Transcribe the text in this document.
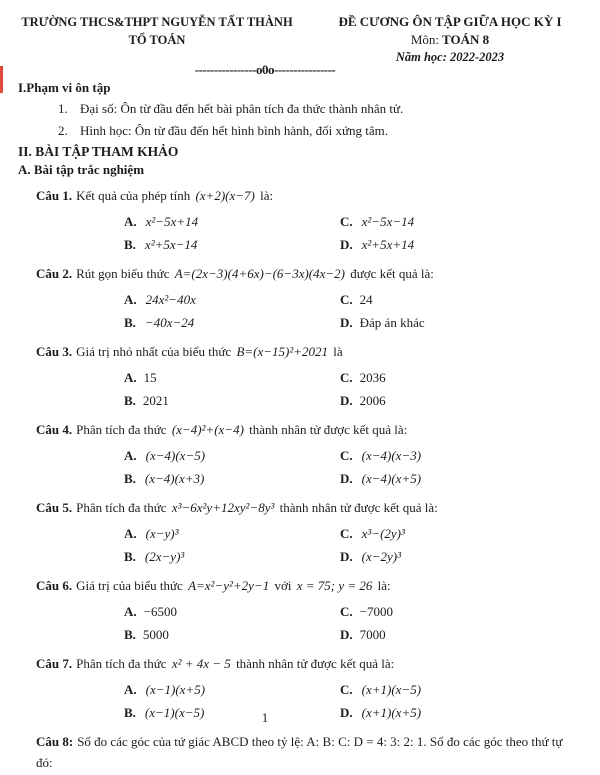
TRƯỜNG THCS&THPT NGUYỄN TẤT THÀNH
TỔ TOÁN
ĐỀ CƯƠNG ÔN TẬP GIỮA HỌC KỲ I
Môn: TOÁN 8
Năm học: 2022-2023
----------------o0o----------------

I.Phạm vi ôn tập

1. Đại số: Ôn từ đầu đến hết bài phân tích đa thức thành nhân tử.

2. Hình học: Ôn từ đầu đến hết hình bình hành, đối xứng tâm.

II. BÀI TẬP THAM KHẢO

A. Bài tập trắc nghiệm

Câu 1. Kết quả của phép tính (x+2)(x−7) là:

A. x²−5x+14
B. x²+5x−14
C. x²−5x−14
D. x²+5x+14

Câu 2. Rút gọn biểu thức A=(2x−3)(4+6x)−(6−3x)(4x−2) được kết quả là:

A. 24x²−40x
B. −40x−24
C. 24
D. Đáp án khác

Câu 3. Giá trị nhỏ nhất của biểu thức B=(x−15)²+2021 là

A. 15
B. 2021
C. 2036
D. 2006

Câu 4. Phân tích đa thức (x−4)²+(x−4) thành nhân tử được kết quả là:

A. (x−4)(x−5)
B. (x−4)(x+3)
C. (x−4)(x−3)
D. (x−4)(x+5)

Câu 5. Phân tích đa thức x³−6x²y+12xy²−8y³ thành nhân tử được kết quả là:

A. (x−y)³
B. (2x−y)³
C. x³−(2y)³
D. (x−2y)³

Câu 6. Giá trị của biểu thức A=x²−y²+2y−1 với x = 75; y = 26 là:

A. −6500
B. 5000
C. −7000
D. 7000

Câu 7. Phân tích đa thức x² + 4x − 5 thành nhân tử được kết quả là:

A. (x−1)(x+5)
B. (x−1)(x−5)
C. (x+1)(x−5)
D. (x+1)(x+5)

Câu 8: Số đo các góc của tứ giác ABCD theo tỷ lệ: A: B: C: D = 4: 3: 2: 1. Số đo các góc theo thứ tự đó:

1
